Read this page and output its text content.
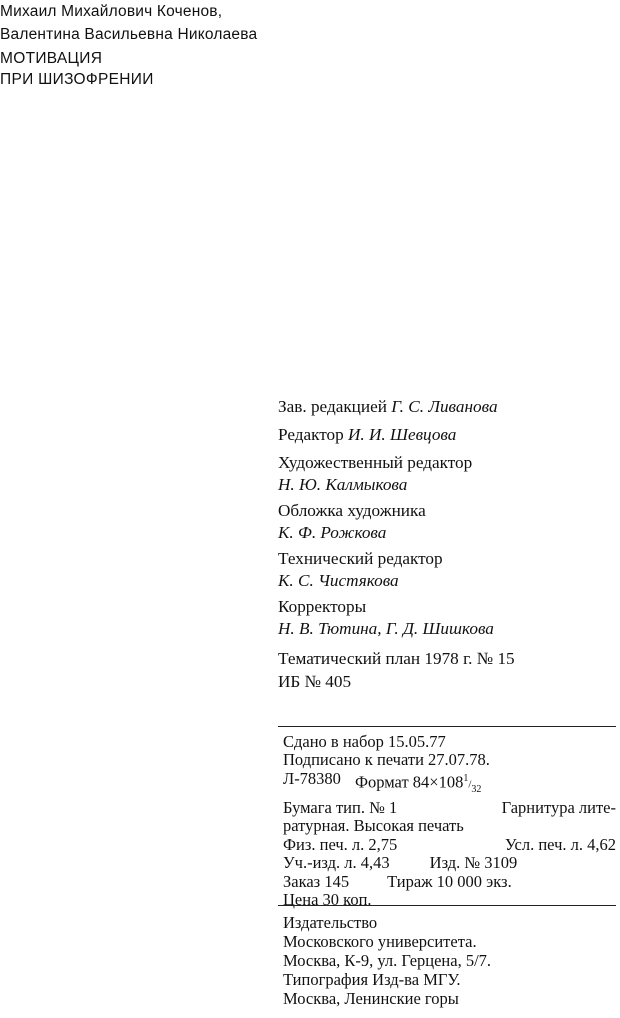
Михаил Михайлович Коченов,

Валентина Васильевна Николаева

МОТИВАЦИЯ

ПРИ ШИЗОФРЕНИИ

Зав. редакцией Г. С. Ливанова
Редактор И. И. Шевцова
Художественный редактор
Н. Ю. Калмыкова
Обложка художника
К. Ф. Рожкова
Технический редактор
К. С. Чистякова
Корректоры
Н. В. Тютина, Г. Д. Шишкова
Тематический план 1978 г. № 15
ИБ № 405
Сдано в набор 15.05.77
Подписано к печати 27.07.78.
Л-78380 Формат $84\times 108^1/_{32}$
Бумага тип. № 1	Гарнитура лите-
ратурная. Высокая печать
Физ. печ. л. 2,75	Усл. печ. л. 4,62
Уч.-изд. л. 4,43 Изд. № 3109
Заказ 145 Тираж 10 000 экз.
Цена 30 коп.
Издательство
Московского университета.
Москва, К-9, ул. Герцена, 5/7.
Типография Изд-ва МГУ.
Москва, Ленинские горы
